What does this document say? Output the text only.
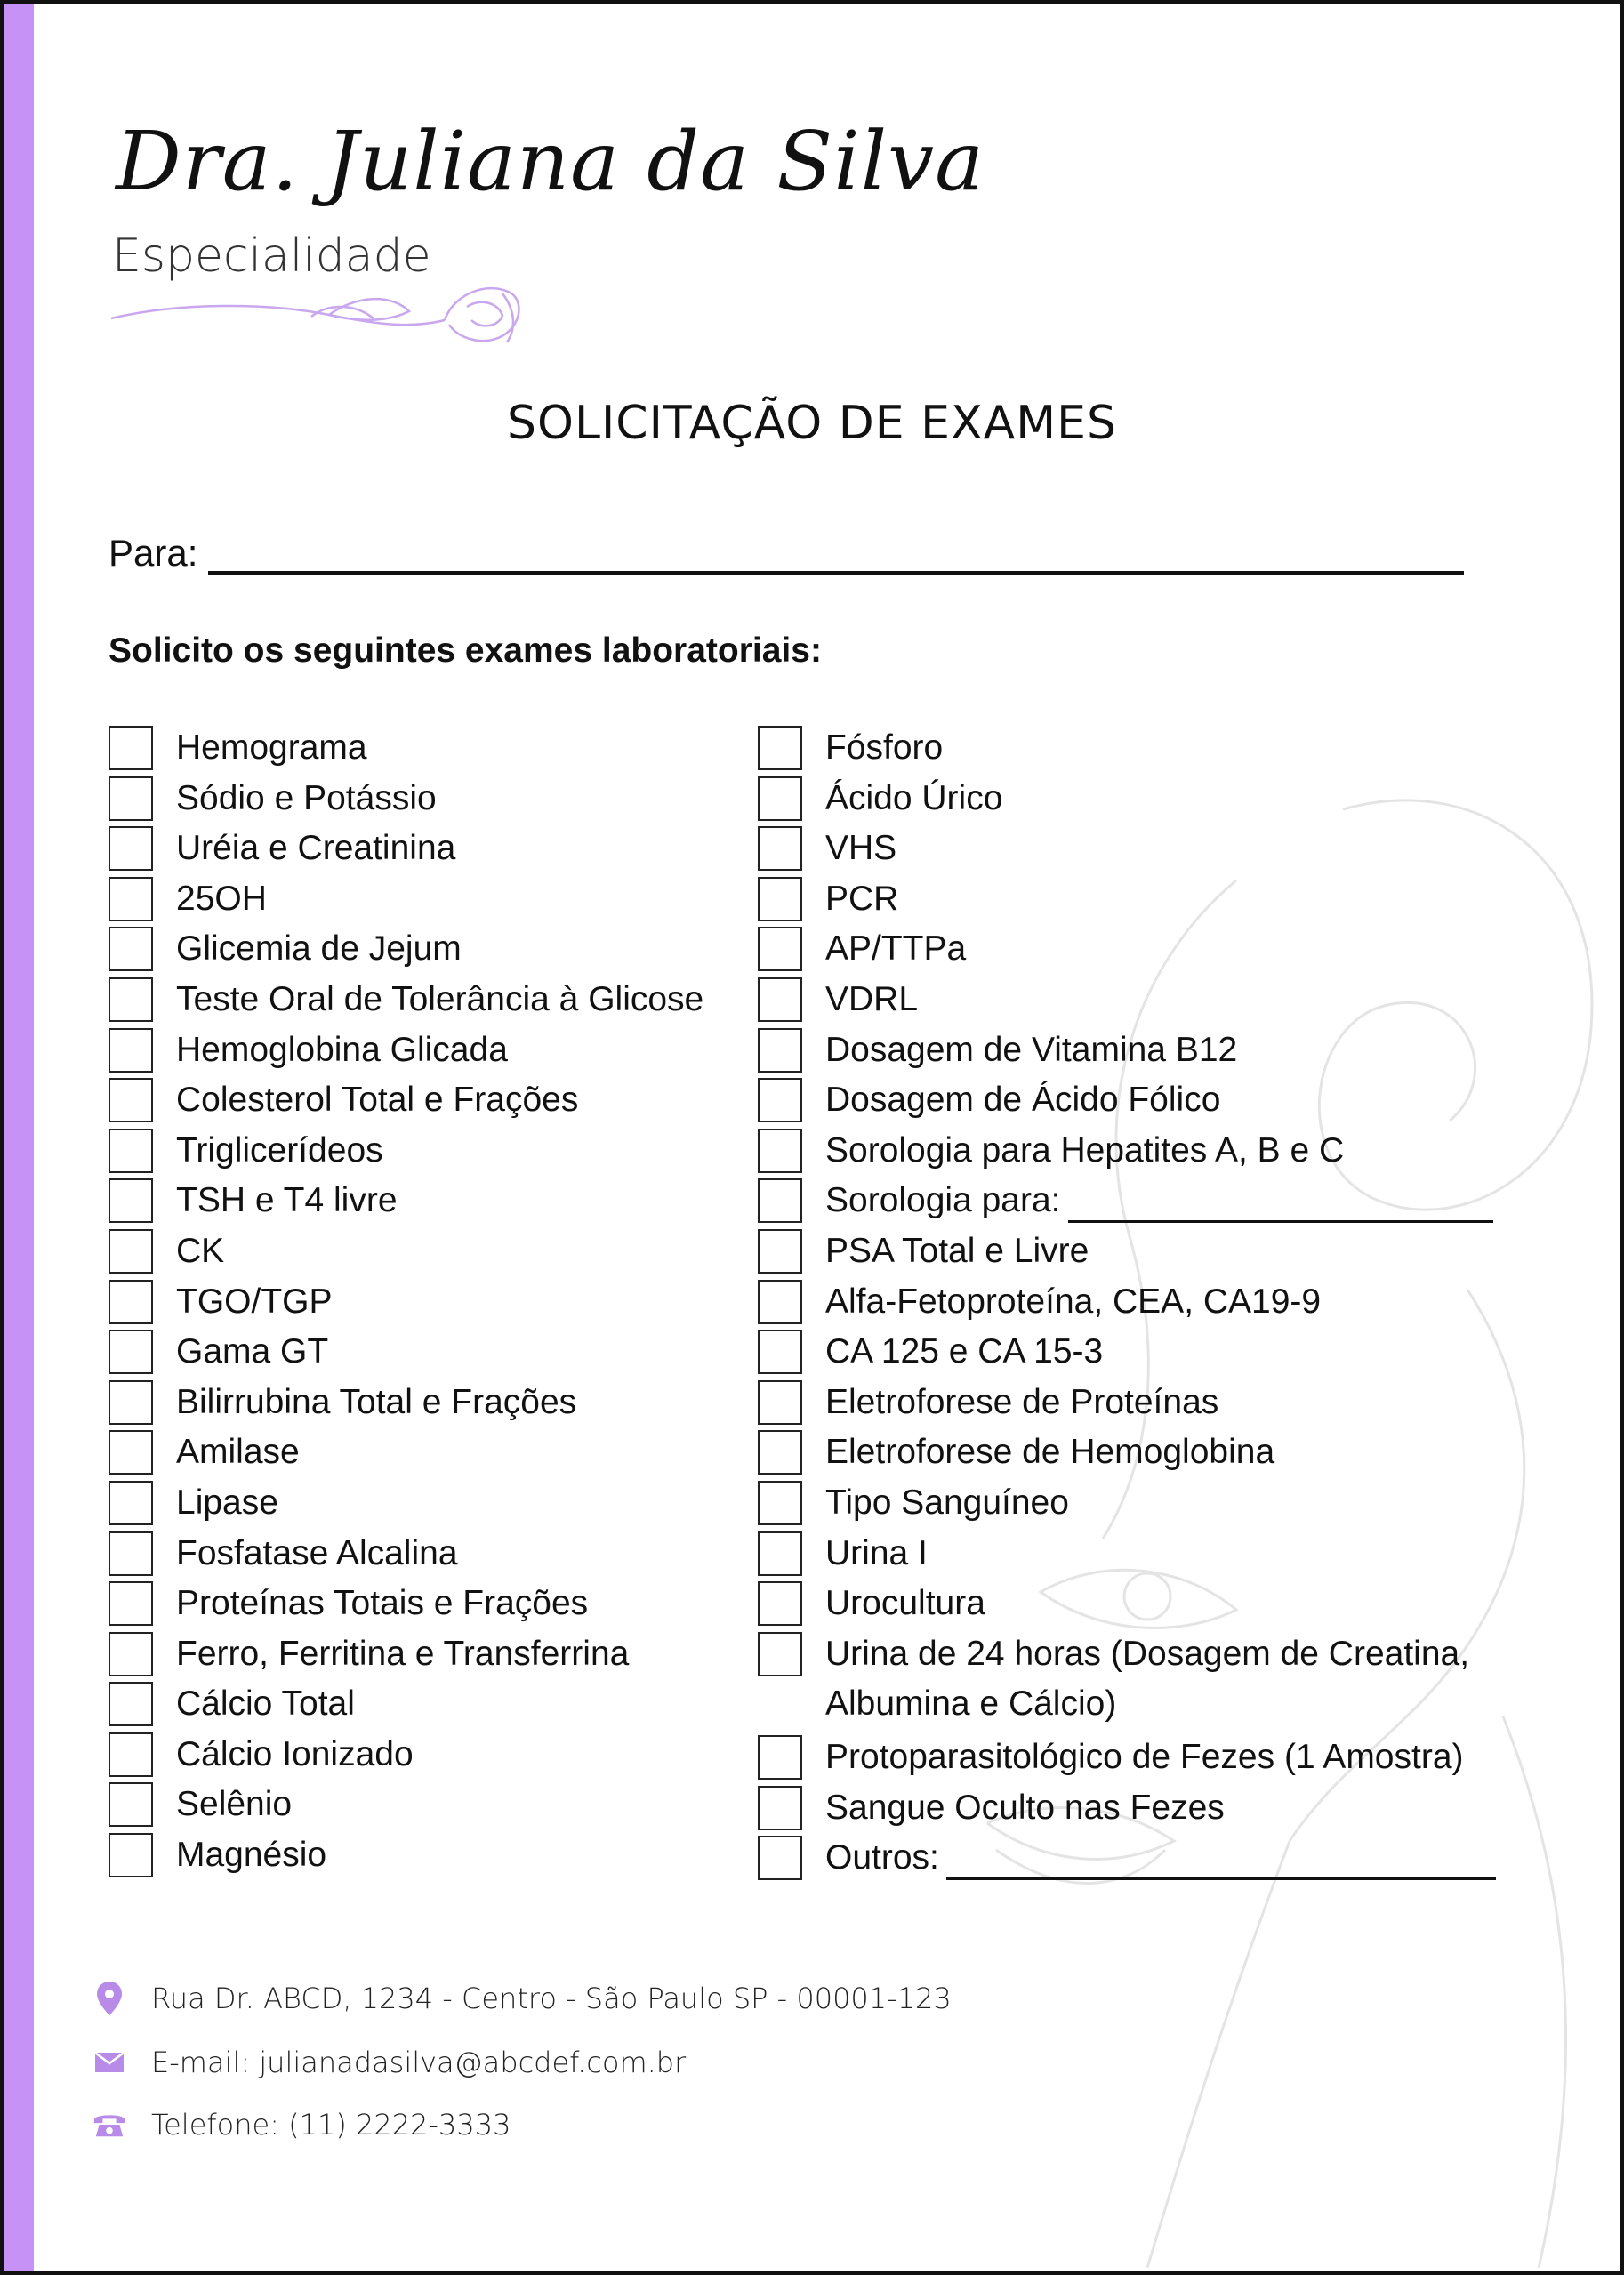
Dra. Juliana da Silva
Especialidade
SOLICITAÇÃO DE EXAMES
Para:
Solicito os seguintes exames laboratoriais:
Hemograma
Sódio e Potássio
Uréia e Creatinina
25OH
Glicemia de Jejum
Teste Oral de Tolerância à Glicose
Hemoglobina Glicada
Colesterol Total e Frações
Triglicerídeos
TSH e T4 livre
CK
TGO/TGP
Gama GT
Bilirrubina Total e Frações
Amilase
Lipase
Fosfatase Alcalina
Proteínas Totais e Frações
Ferro, Ferritina e Transferrina
Cálcio Total
Cálcio Ionizado
Selênio
Magnésio
Fósforo
Ácido Úrico
VHS
PCR
AP/TTPa
VDRL
Dosagem de Vitamina B12
Dosagem de Ácido Fólico
Sorologia para Hepatites A, B e C
Sorologia para:
PSA Total e Livre
Alfa-Fetoproteína, CEA, CA19-9
CA 125 e CA 15-3
Eletroforese de Proteínas
Eletroforese de Hemoglobina
Tipo Sanguíneo
Urina I
Urocultura
Urina de 24 horas (Dosagem de Creatina, Albumina e Cálcio)
Protoparasitológico de Fezes (1 Amostra)
Sangue Oculto nas Fezes
Outros:
Rua Dr. ABCD, 1234 - Centro - São Paulo SP - 00001-123
E-mail: julianadasilva@abcdef.com.br
Telefone: (11) 2222-3333
